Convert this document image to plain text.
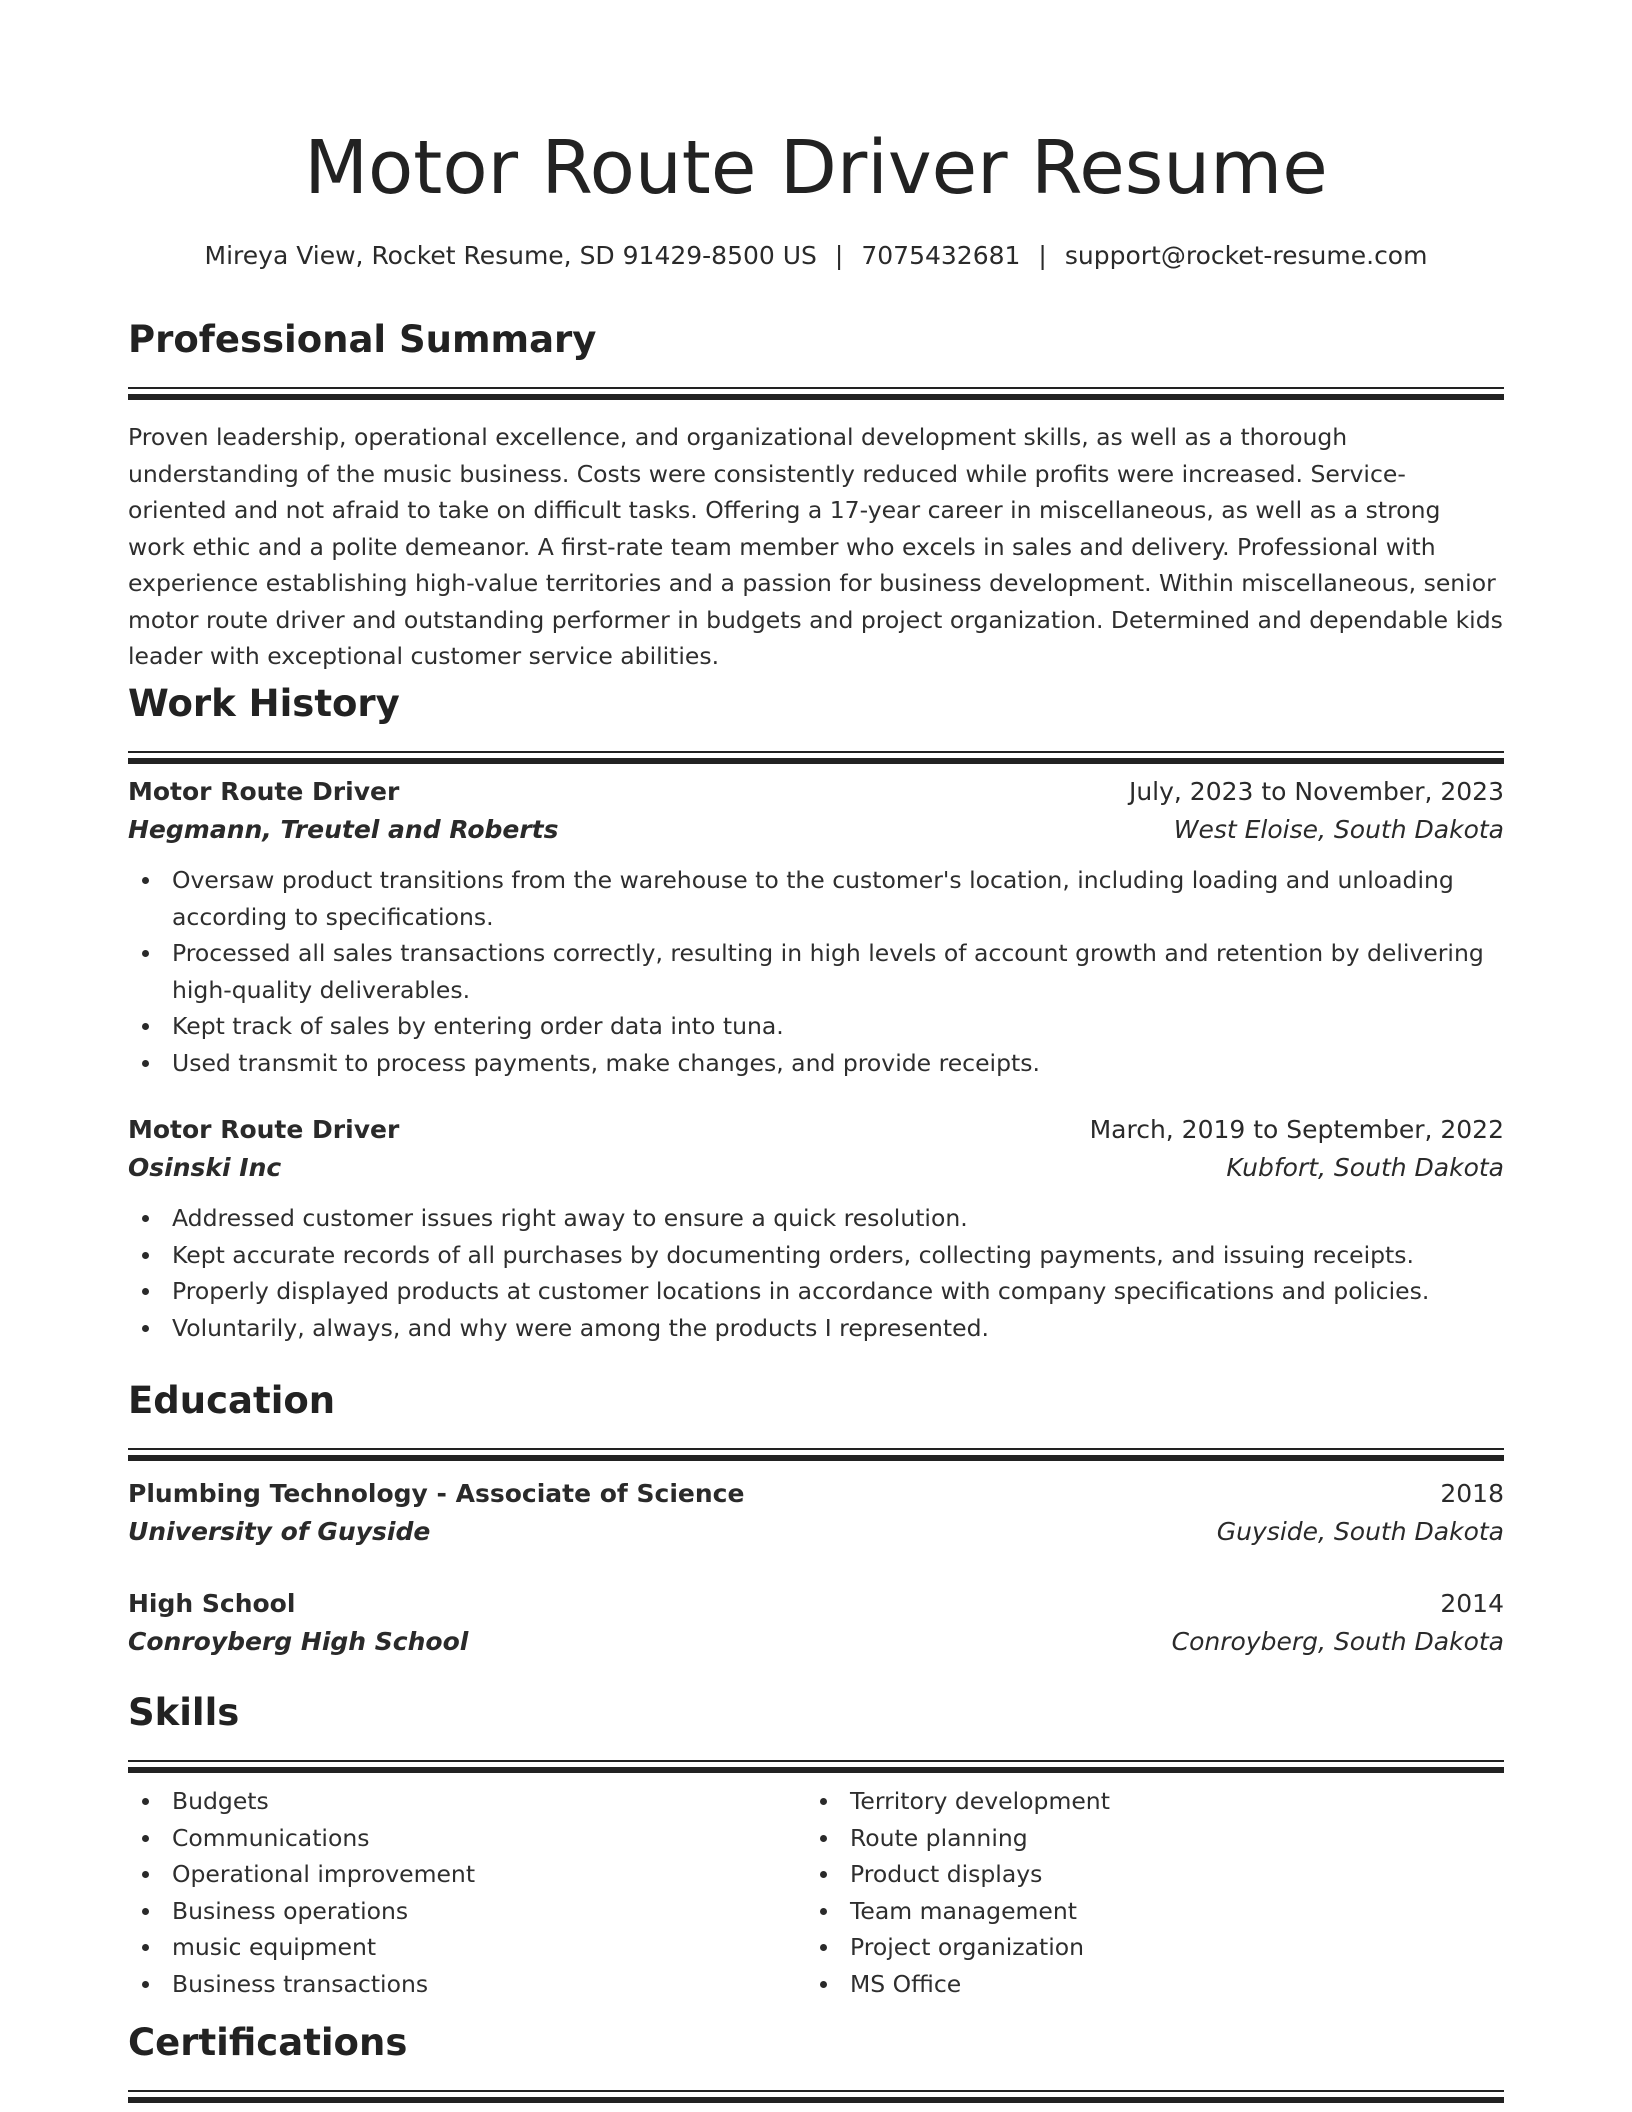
Motor Route Driver Resume
Mireya View, Rocket Resume, SD 91429-8500 US | 7075432681 | support@rocket-resume.com
Professional Summary

Proven leadership, operational excellence, and organizational development skills, as well as a thorough understanding of the music business. Costs were consistently reduced while profits were increased. Service-oriented and not afraid to take on difficult tasks. Offering a 17-year career in miscellaneous, as well as a strong work ethic and a polite demeanor. A first-rate team member who excels in sales and delivery. Professional with experience establishing high-value territories and a passion for business development. Within miscellaneous, senior motor route driver and outstanding performer in budgets and project organization. Determined and dependable kids leader with exceptional customer service abilities.

Work History
Motor Route Driver	July, 2023 to November, 2023
Hegmann, Treutel and Roberts	West Eloise, South Dakota
Oversaw product transitions from the warehouse to the customer's location, including loading and unloading according to specifications.
Processed all sales transactions correctly, resulting in high levels of account growth and retention by delivering high-quality deliverables.
Kept track of sales by entering order data into tuna.
Used transmit to process payments, make changes, and provide receipts.
Motor Route Driver	March, 2019 to September, 2022
Osinski Inc	Kubfort, South Dakota
Addressed customer issues right away to ensure a quick resolution.
Kept accurate records of all purchases by documenting orders, collecting payments, and issuing receipts.
Properly displayed products at customer locations in accordance with company specifications and policies.
Voluntarily, always, and why were among the products I represented.
Education
Plumbing Technology - Associate of Science	2018
University of Guyside	Guyside, South Dakota
High School	2014
Conroyberg High School	Conroyberg, South Dakota
Skills
Budgets
Communications
Operational improvement
Business operations
music equipment
Business transactions
Territory development
Route planning
Product displays
Team management
Project organization
MS Office
Certifications
